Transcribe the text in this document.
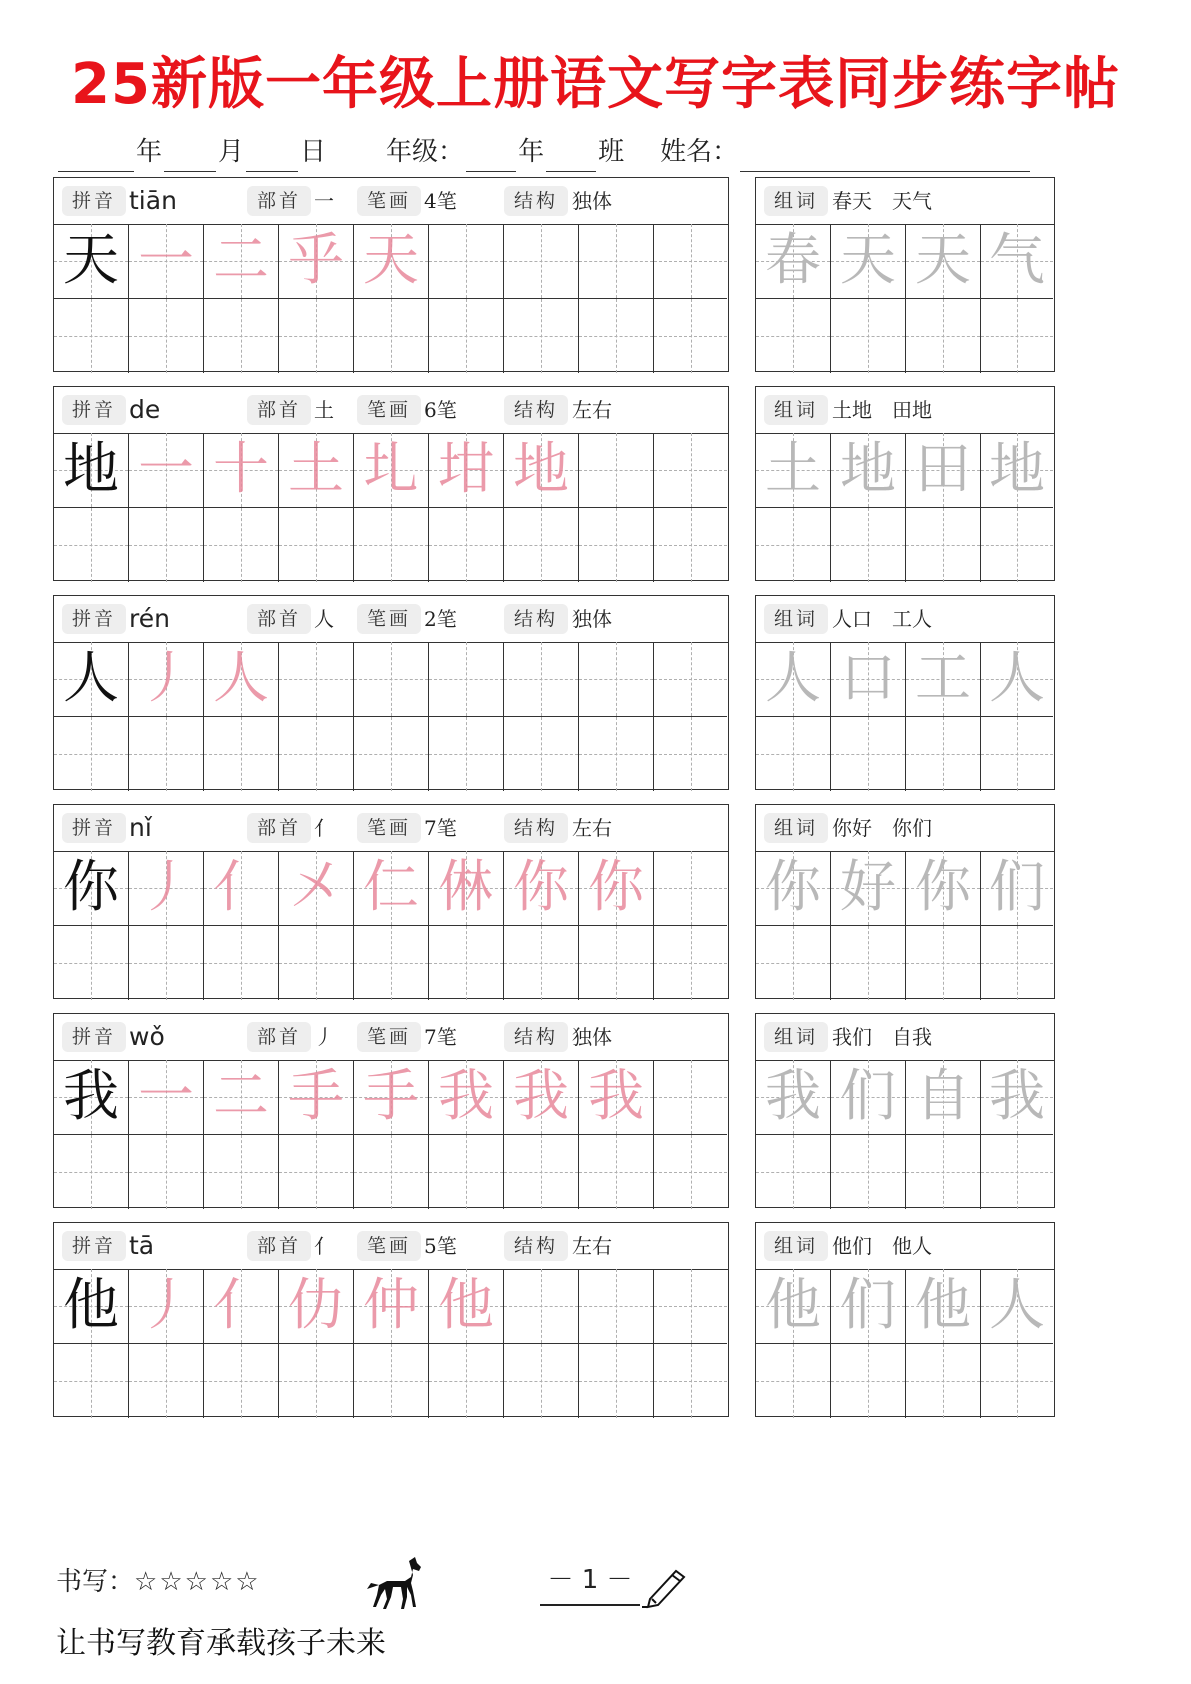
25新版一年级上册语文写字表同步练字帖
年 月 日 年级： 年 班 姓名：
拼音 tiān	部首 一	笔画 4笔	结构 独体
天 一 二 乎 天
组词 春天　天气
春 天 天 气
拼音 de	部首 土	笔画 6笔	结构 左右
地 一 十 土 圠 坩 地
组词 土地　田地
土 地 田 地
拼音 rén	部首 人	笔画 2笔	结构 独体
人 丿 人
组词 人口　工人
人 口 工 人
拼音 nǐ	部首 亻	笔画 7笔	结构 左右
你 丿 亻 㐅 仁 㑣 你 你
组词 你好　你们
你 好 你 们
拼音 wǒ	部首 丿	笔画 7笔	结构 独体
我 一 二 手 手 我 我 我
组词 我们　自我
我 们 自 我
拼音 tā	部首 亻	笔画 5笔	结构 左右
他 丿 亻 仂 仲 他
组词 他们　他人
他 们 他 人
书写：☆☆☆☆☆	－ 1 －
让书写教育承载孩子未来
